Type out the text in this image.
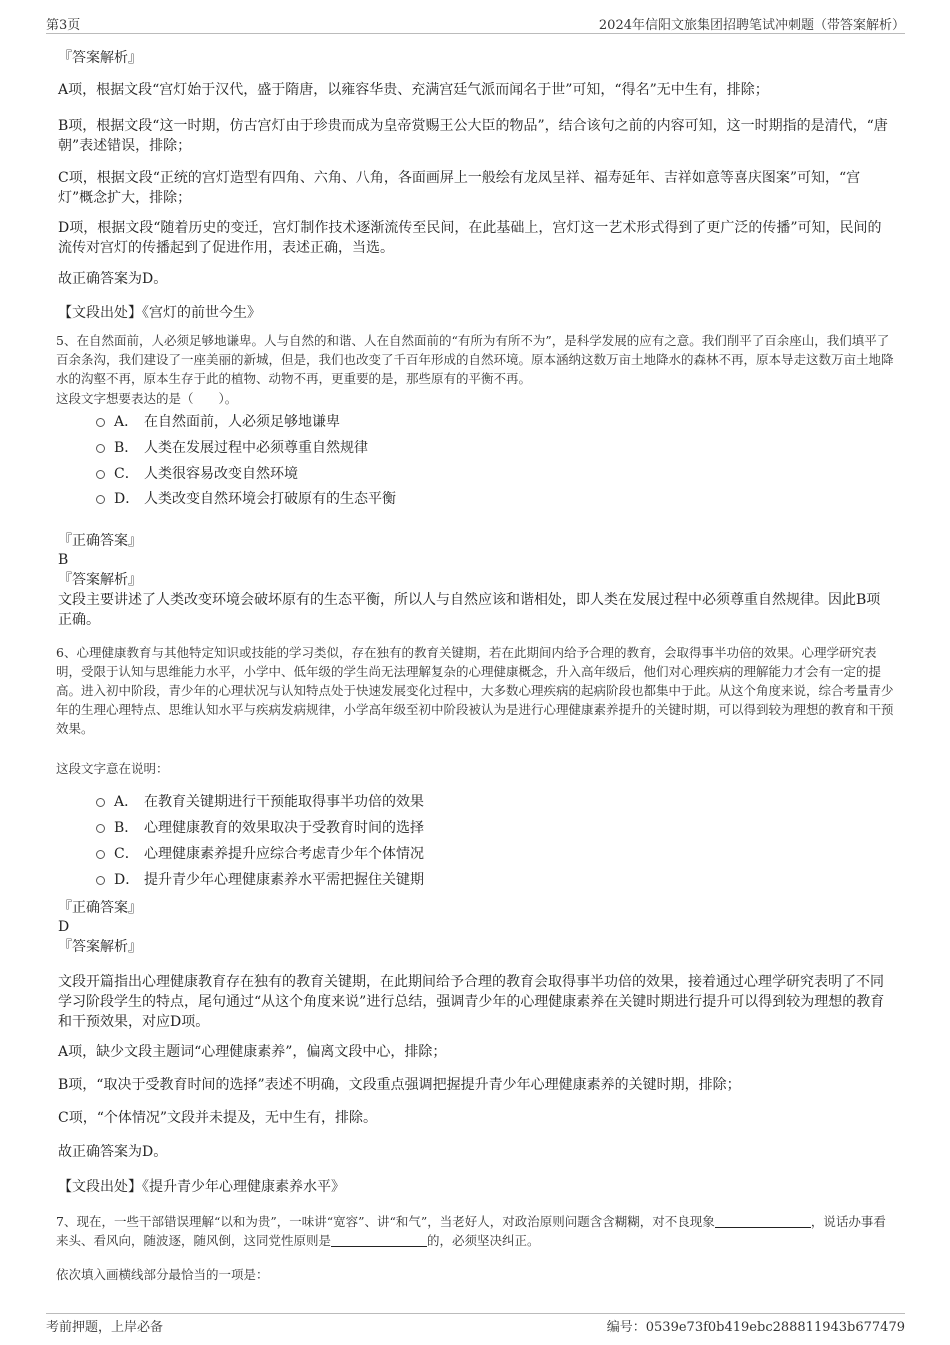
第3页	2024年信阳文旅集团招聘笔试冲刺题（带答案解析）
『答案解析』
A项，根据文段“宫灯始于汉代，盛于隋唐，以雍容华贵、充满宫廷气派而闻名于世”可知，“得名”无中生有，排除；
B项，根据文段“这一时期，仿古宫灯由于珍贵而成为皇帝赏赐王公大臣的物品”，结合该句之前的内容可知，这一时期指的是清代，“唐朝”表述错误，排除；
C项，根据文段“正统的宫灯造型有四角、六角、八角，各面画屏上一般绘有龙凤呈祥、福寿延年、吉祥如意等喜庆图案”可知，“宫灯”概念扩大，排除；
D项，根据文段“随着历史的变迁，宫灯制作技术逐渐流传至民间，在此基础上，宫灯这一艺术形式得到了更广泛的传播”可知，民间的流传对宫灯的传播起到了促进作用，表述正确，当选。
故正确答案为D。
【文段出处】《宫灯的前世今生》
5、在自然面前，人必须足够地谦卑。人与自然的和谐、人在自然面前的“有所为有所不为”，是科学发展的应有之意。我们削平了百余座山，我们填平了百余条沟，我们建设了一座美丽的新城，但是，我们也改变了千百年形成的自然环境。原本涵纳这数万亩土地降水的森林不再，原本导走这数万亩土地降水的沟壑不再，原本生存于此的植物、动物不再，更重要的是，那些原有的平衡不再。
这段文字想要表达的是（　　）。
A． 在自然面前，人必须足够地谦卑
B． 人类在发展过程中必须尊重自然规律
C． 人类很容易改变自然环境
D． 人类改变自然环境会打破原有的生态平衡
『正确答案』
B
『答案解析』
文段主要讲述了人类改变环境会破坏原有的生态平衡，所以人与自然应该和谐相处，即人类在发展过程中必须尊重自然规律。因此B项正确。
6、心理健康教育与其他特定知识或技能的学习类似，存在独有的教育关键期，若在此期间内给予合理的教育，会取得事半功倍的效果。心理学研究表明，受限于认知与思维能力水平，小学中、低年级的学生尚无法理解复杂的心理健康概念，升入高年级后，他们对心理疾病的理解能力才会有一定的提高。进入初中阶段，青少年的心理状况与认知特点处于快速发展变化过程中，大多数心理疾病的起病阶段也都集中于此。从这个角度来说，综合考量青少年的生理心理特点、思维认知水平与疾病发病规律，小学高年级至初中阶段被认为是进行心理健康素养提升的关键时期，可以得到较为理想的教育和干预效果。
这段文字意在说明：
A． 在教育关键期进行干预能取得事半功倍的效果
B． 心理健康教育的效果取决于受教育时间的选择
C． 心理健康素养提升应综合考虑青少年个体情况
D． 提升青少年心理健康素养水平需把握住关键期
『正确答案』
D
『答案解析』
文段开篇指出心理健康教育存在独有的教育关键期，在此期间给予合理的教育会取得事半功倍的效果，接着通过心理学研究表明了不同学习阶段学生的特点，尾句通过“从这个角度来说”进行总结，强调青少年的心理健康素养在关键时期进行提升可以得到较为理想的教育和干预效果，对应D项。
A项，缺少文段主题词“心理健康素养”，偏离文段中心，排除；
B项，“取决于受教育时间的选择”表述不明确，文段重点强调把握提升青少年心理健康素养的关键时期，排除；
C项，“个体情况”文段并未提及，无中生有，排除。
故正确答案为D。
【文段出处】《提升青少年心理健康素养水平》
7、现在，一些干部错误理解“以和为贵”，一味讲“宽容”、讲“和气”，当老好人，对政治原则问题含含糊糊，对不良现象	，说话办事看来头、看风向，随波逐，随风倒，这同党性原则是	的，必须坚决纠正。
依次填入画横线部分最恰当的一项是：
考前押题，上岸必备	编号：0539e73f0b419ebc288811943b677479
